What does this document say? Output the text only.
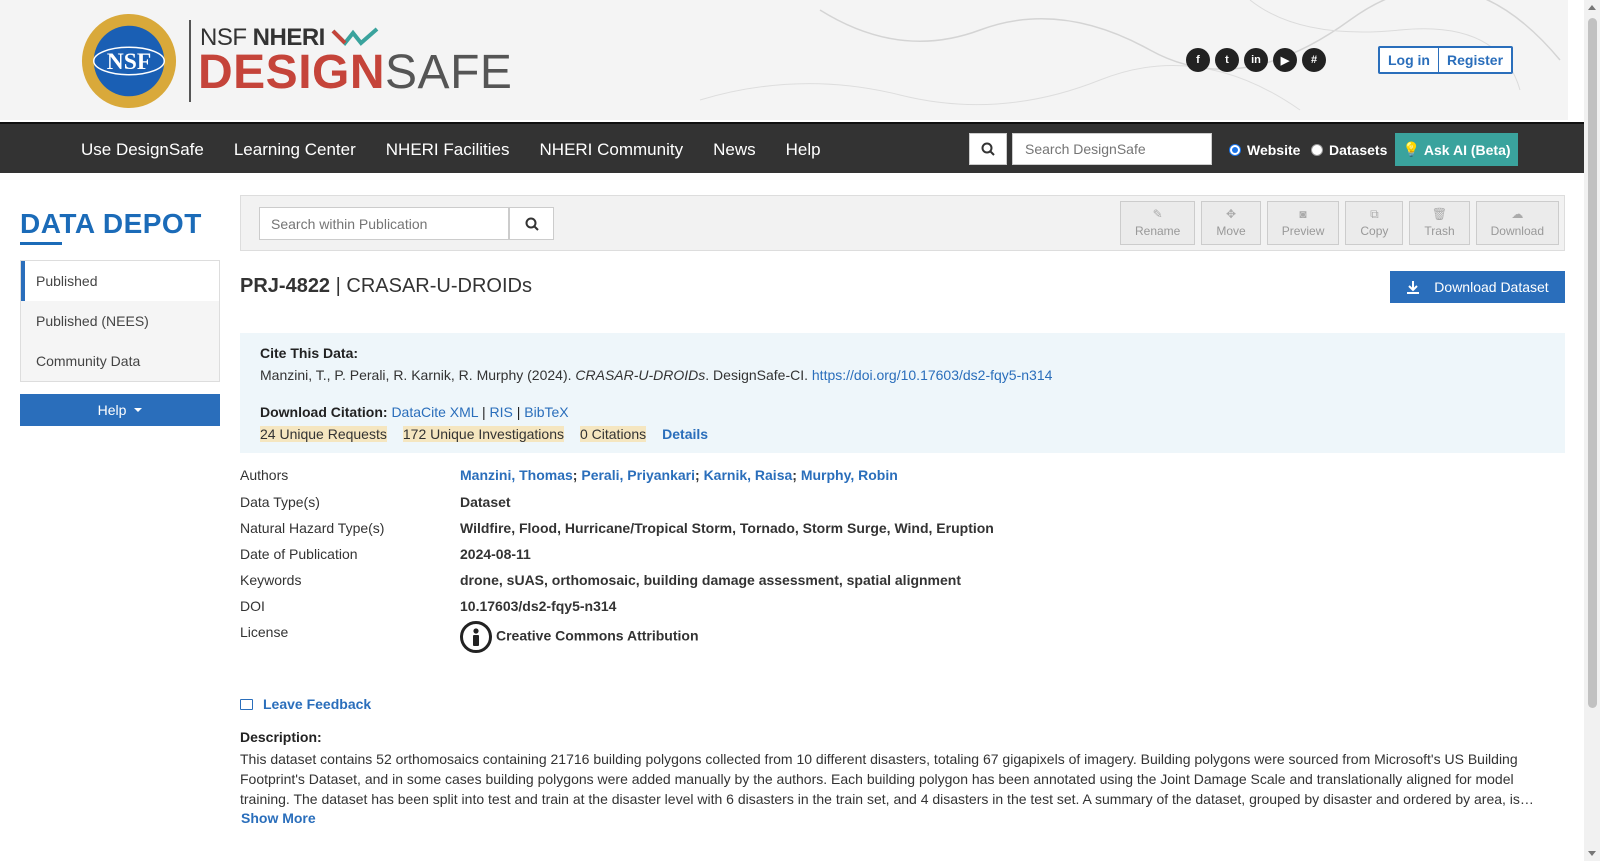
NSF
NSF NHERI
DESIGNSAFE	f	t	in	▶	#	Log in	Register
Use DesignSafe	Learning Center	NHERI Facilities	NHERI Community	News	Help
Search DesignSafe	Website Datasets 💡 Ask AI (Beta)
DATA DEPOT
Published
Published (NEES)
Community Data
Help
Search within Publication
✎
Rename
✥
Move
◙
Preview
⧉
Copy
🗑
Trash
☁
Download
PRJ-4822 | CRASAR-U-DROIDs	Download Dataset
Cite This Data:
Manzini, T., P. Perali, R. Karnik, R. Murphy (2024). CRASAR-U-DROIDs. DesignSafe-CI. https://doi.org/10.17603/ds2-fqy5-n314
Download Citation: DataCite XML | RIS | BibTeX
24 Unique Requests 172 Unique Investigations 0 Citations Details
Authors	Manzini, Thomas; Perali, Priyankari; Karnik, Raisa; Murphy, Robin
Data Type(s)	Dataset
Natural Hazard Type(s)	Wildfire, Flood, Hurricane/Tropical Storm, Tornado, Storm Surge, Wind, Eruption
Date of Publication	2024-08-11
Keywords	drone, sUAS, orthomosaic, building damage assessment, spatial alignment
DOI	10.17603/ds2-fqy5-n314
License	Creative Commons Attribution
Leave Feedback
Description:
This dataset contains 52 orthomosaics containing 21716 building polygons collected from 10 different disasters, totaling 67 gigapixels of imagery. Building polygons were sourced from Microsoft's US Building Footprint's Dataset, and in some cases building polygons were added manually by the authors. Each building polygon has been annotated using the Joint Damage Scale and translationally aligned for model training. The dataset has been split into test and train at the disaster level with 6 disasters in the train set, and 4 disasters in the test set. A summary of the dataset, grouped by disaster and ordered by area, is…
Show More
